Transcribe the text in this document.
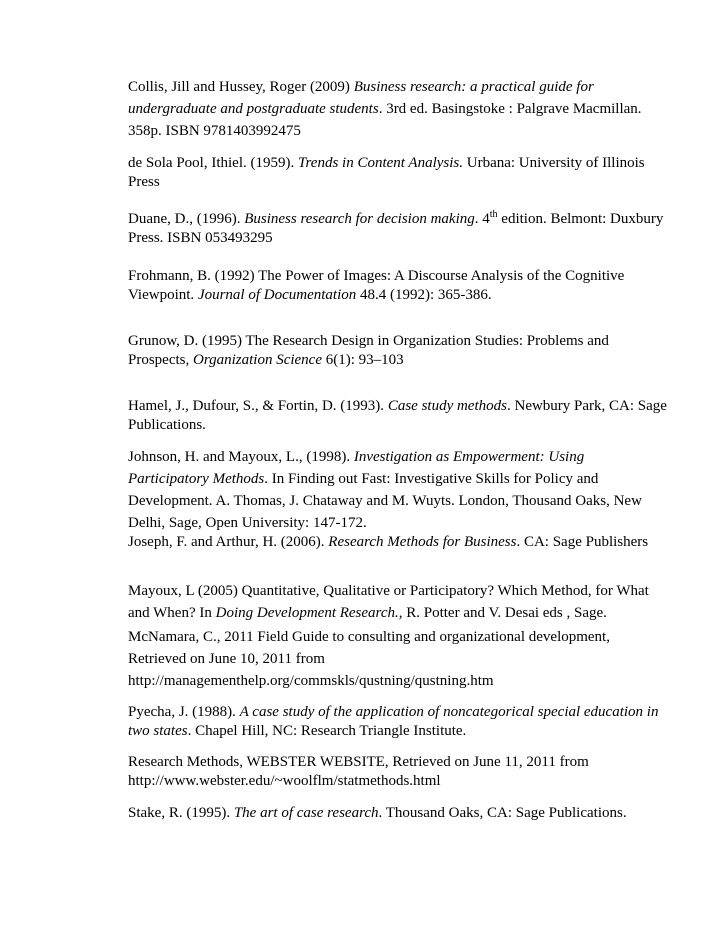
Collis, Jill and Hussey, Roger (2009) Business research: a practical guide for
undergraduate and postgraduate students. 3rd ed. Basingstoke : Palgrave Macmillan.
358p. ISBN 9781403992475

de Sola Pool, Ithiel. (1959). Trends in Content Analysis. Urbana: University of Illinois
Press

Duane, D., (1996). Business research for decision making. 4th edition. Belmont: Duxbury
Press. ISBN 053493295

Frohmann, B. (1992) The Power of Images: A Discourse Analysis of the Cognitive
Viewpoint. Journal of Documentation 48.4 (1992): 365-386.

Grunow, D. (1995) The Research Design in Organization Studies: Problems and
Prospects, Organization Science 6(1): 93–103

Hamel, J., Dufour, S., & Fortin, D. (1993). Case study methods. Newbury Park, CA: Sage
Publications.

Johnson, H. and Mayoux, L., (1998). Investigation as Empowerment: Using
Participatory Methods. In Finding out Fast: Investigative Skills for Policy and
Development. A. Thomas, J. Chataway and M. Wuyts. London, Thousand Oaks, New
Delhi, Sage, Open University: 147-172.

Joseph, F. and Arthur, H. (2006). Research Methods for Business. CA: Sage Publishers

Mayoux, L (2005) Quantitative, Qualitative or Participatory? Which Method, for What
and When? In Doing Development Research., R. Potter and V. Desai eds , Sage.

McNamara, C., 2011 Field Guide to consulting and organizational development,
Retrieved on June 10, 2011 from
http://managementhelp.org/commskls/qustning/qustning.htm

Pyecha, J. (1988). A case study of the application of noncategorical special education in
two states. Chapel Hill, NC: Research Triangle Institute.

Research Methods, WEBSTER WEBSITE, Retrieved on June 11, 2011 from
http://www.webster.edu/~woolflm/statmethods.html

Stake, R. (1995). The art of case research. Thousand Oaks, CA: Sage Publications.
